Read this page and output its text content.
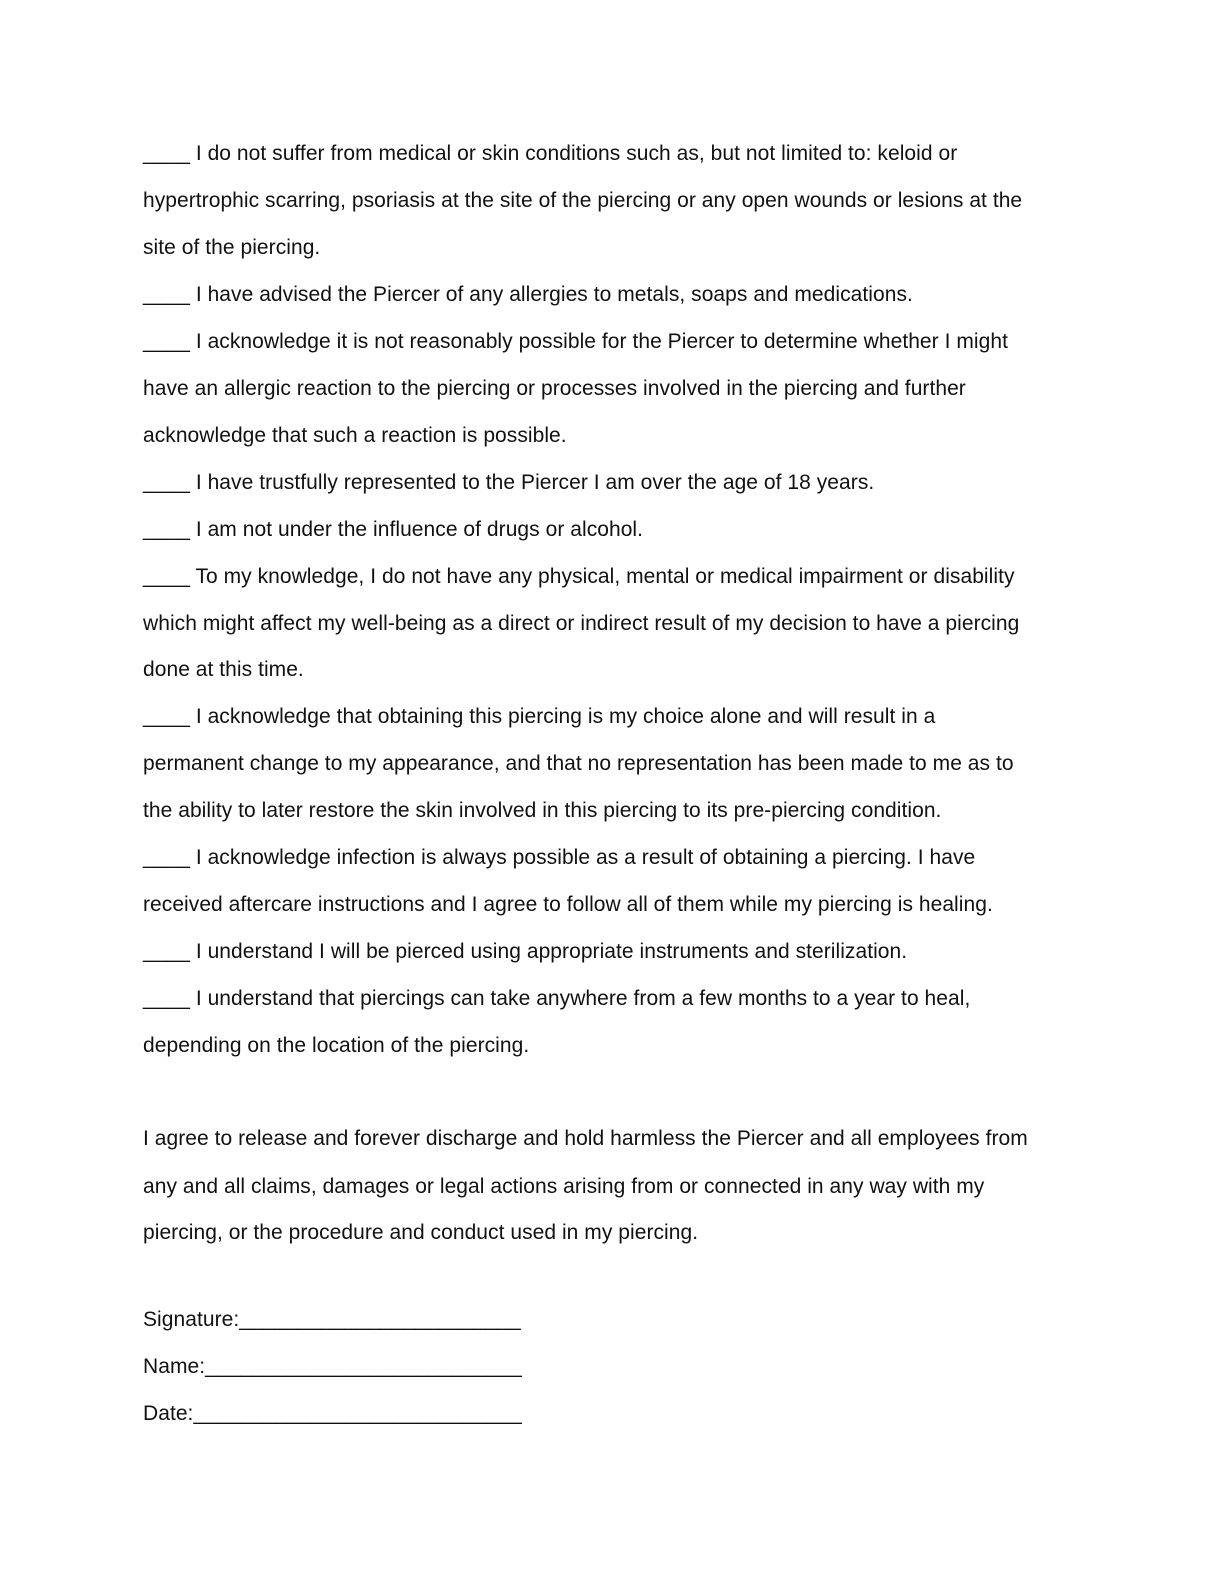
____ I do not suffer from medical or skin conditions such as, but not limited to: keloid or
hypertrophic scarring, psoriasis at the site of the piercing or any open wounds or lesions at the
site of the piercing.
____ I have advised the Piercer of any allergies to metals, soaps and medications.
____ I acknowledge it is not reasonably possible for the Piercer to determine whether I might
have an allergic reaction to the piercing or processes involved in the piercing and further
acknowledge that such a reaction is possible.
____ I have trustfully represented to the Piercer I am over the age of 18 years.
____ I am not under the influence of drugs or alcohol.
____ To my knowledge, I do not have any physical, mental or medical impairment or disability
which might affect my well-being as a direct or indirect result of my decision to have a piercing
done at this time.
____ I acknowledge that obtaining this piercing is my choice alone and will result in a
permanent change to my appearance, and that no representation has been made to me as to
the ability to later restore the skin involved in this piercing to its pre-piercing condition.
____ I acknowledge infection is always possible as a result of obtaining a piercing. I have
received aftercare instructions and I agree to follow all of them while my piercing is healing.
____ I understand I will be pierced using appropriate instruments and sterilization.
____ I understand that piercings can take anywhere from a few months to a year to heal,
depending on the location of the piercing.
I agree to release and forever discharge and hold harmless the Piercer and all employees from
any and all claims, damages or legal actions arising from or connected in any way with my
piercing, or the procedure and conduct used in my piercing.
Signature:________________________
Name:___________________________
Date:____________________________
